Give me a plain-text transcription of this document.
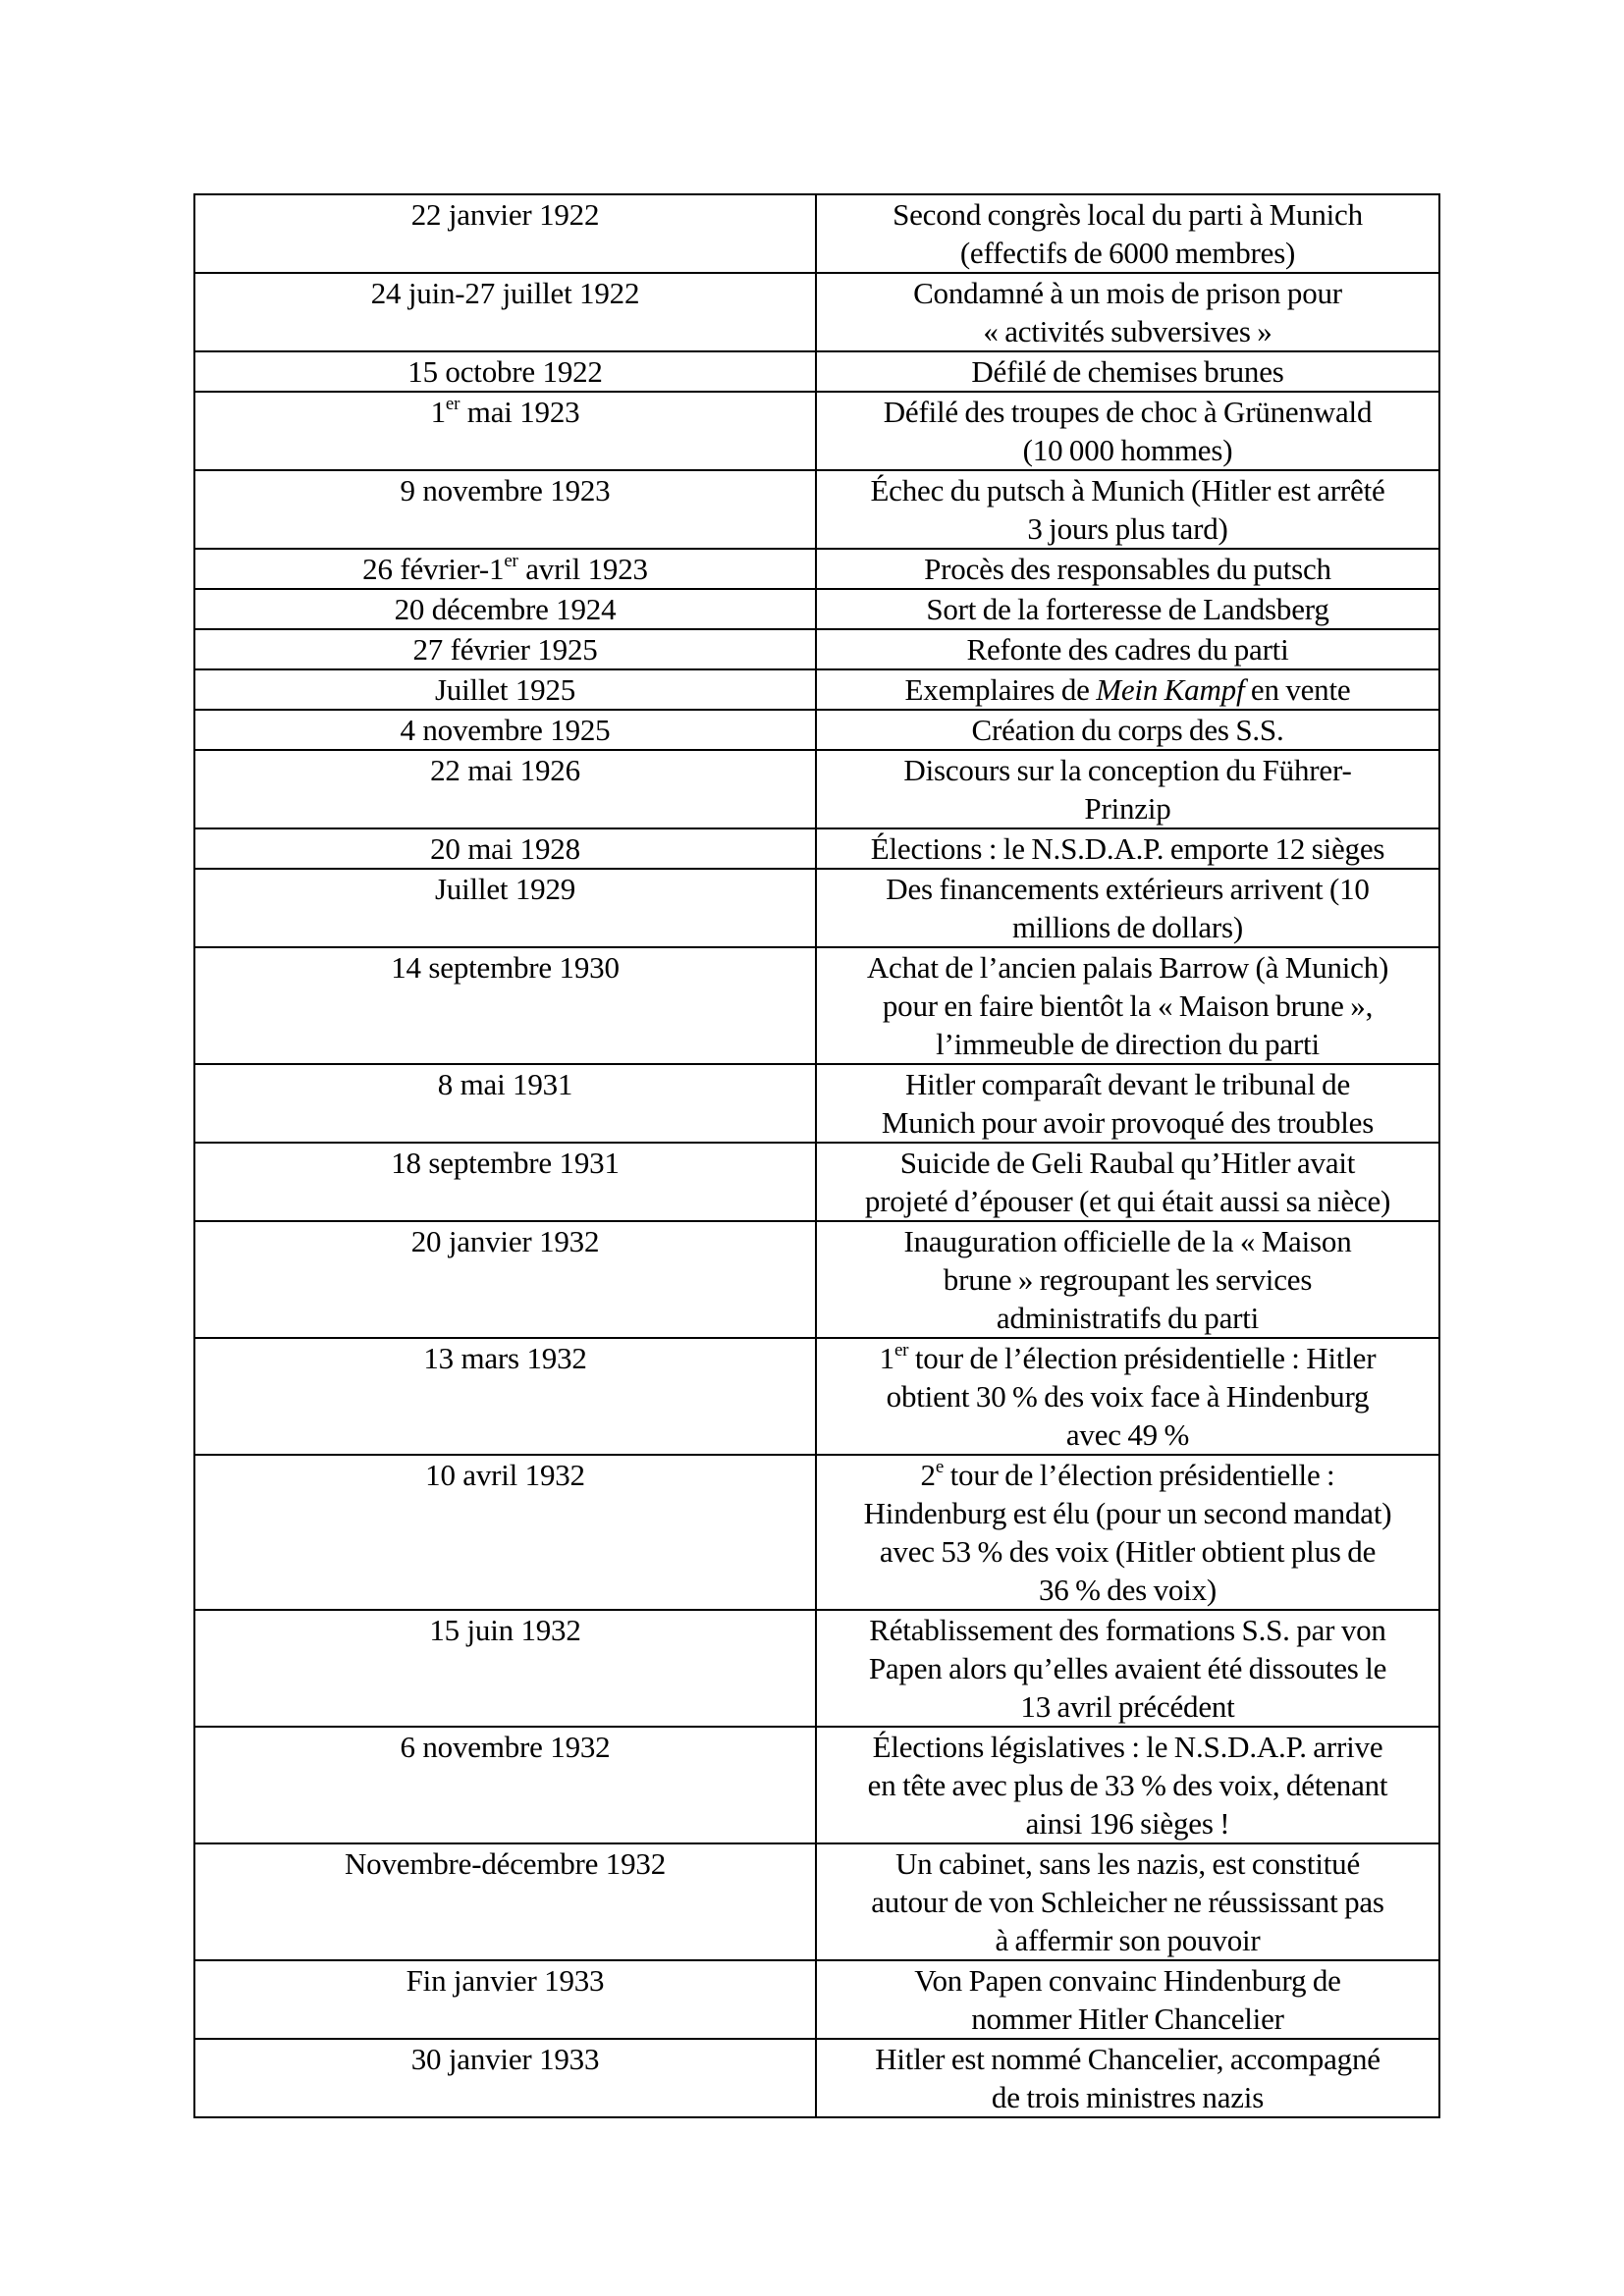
22 janvier 1922	Second congrès local du parti à Munich
(effectifs de 6000 membres)
24 juin-27 juillet 1922	Condamné à un mois de prison pour
« activités subversives »
15 octobre 1922	Défilé de chemises brunes
1er mai 1923	Défilé des troupes de choc à Grünenwald
(10 000 hommes)
9 novembre 1923	Échec du putsch à Munich (Hitler est arrêté
3 jours plus tard)
26 février-1er avril 1923	Procès des responsables du putsch
20 décembre 1924	Sort de la forteresse de Landsberg
27 février 1925	Refonte des cadres du parti
Juillet 1925	Exemplaires de Mein Kampf en vente
4 novembre 1925	Création du corps des S.S.
22 mai 1926	Discours sur la conception du Führer-
Prinzip
20 mai 1928	Élections : le N.S.D.A.P. emporte 12 sièges
Juillet 1929	Des financements extérieurs arrivent (10
millions de dollars)
14 septembre 1930	Achat de l’ancien palais Barrow (à Munich)
pour en faire bientôt la « Maison brune »,
l’immeuble de direction du parti
8 mai 1931	Hitler comparaît devant le tribunal de
Munich pour avoir provoqué des troubles
18 septembre 1931	Suicide de Geli Raubal qu’Hitler avait
projeté d’épouser (et qui était aussi sa nièce)
20 janvier 1932	Inauguration officielle de la « Maison
brune » regroupant les services
administratifs du parti
13 mars 1932	1er tour de l’élection présidentielle : Hitler
obtient 30 % des voix face à Hindenburg
avec 49 %
10 avril 1932	2e tour de l’élection présidentielle :
Hindenburg est élu (pour un second mandat)
avec 53 % des voix (Hitler obtient plus de
36 % des voix)
15 juin 1932	Rétablissement des formations S.S. par von
Papen alors qu’elles avaient été dissoutes le
13 avril précédent
6 novembre 1932	Élections législatives : le N.S.D.A.P. arrive
en tête avec plus de 33 % des voix, détenant
ainsi 196 sièges !
Novembre-décembre 1932	Un cabinet, sans les nazis, est constitué
autour de von Schleicher ne réussissant pas
à affermir son pouvoir
Fin janvier 1933	Von Papen convainc Hindenburg de
nommer Hitler Chancelier
30 janvier 1933	Hitler est nommé Chancelier, accompagné
de trois ministres nazis
